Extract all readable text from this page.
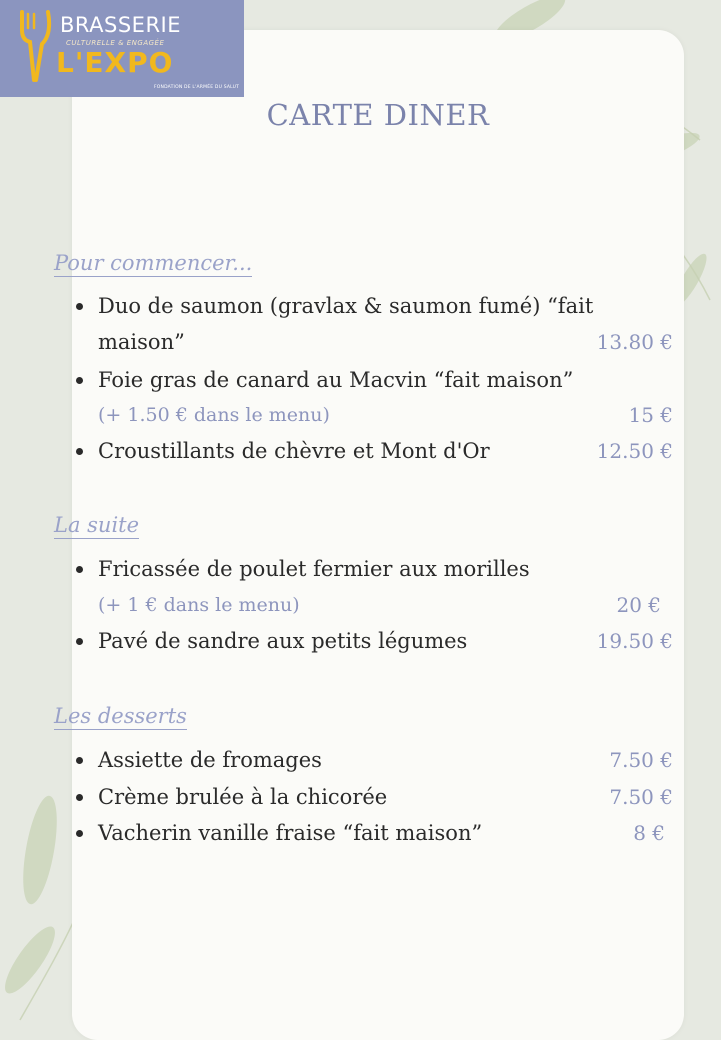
BRASSERIE
CULTURELLE & ENGAGÉE
L'EXPO
FONDATION DE L'ARMÉE DU SALUT
CARTE DINER
Pour commencer...
Duo de saumon (gravlax & saumon fumé) “fait
maison”	13.80 €
Foie gras de canard au Macvin “fait maison”
(+ 1.50 € dans le menu)	15 €
Croustillants de chèvre et Mont d'Or	12.50 €
La suite
Fricassée de poulet fermier aux morilles
(+ 1 € dans le menu)	20 €
Pavé de sandre aux petits légumes	19.50 €
Les desserts
Assiette de fromages	7.50 €
Crème brulée à la chicorée	7.50 €
Vacherin vanille fraise “fait maison”	8 €
